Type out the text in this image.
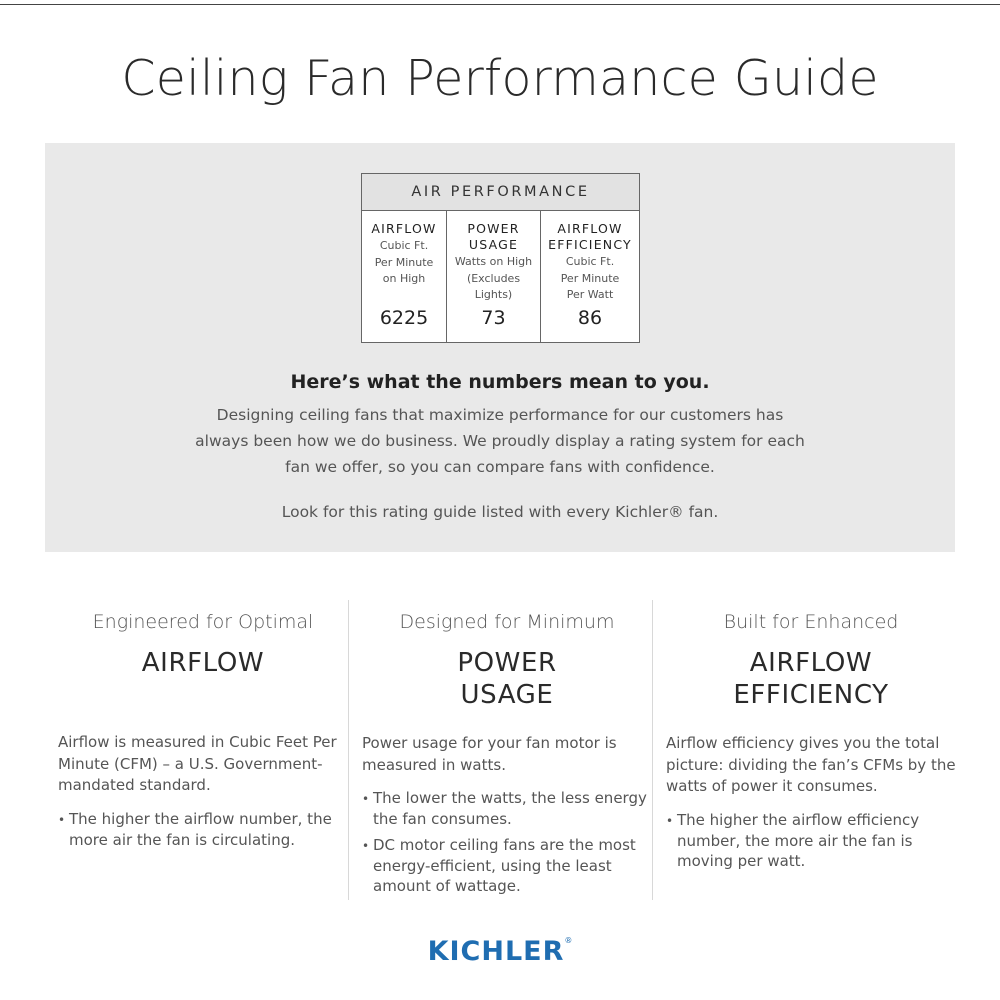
Ceiling Fan Performance Guide
AIR PERFORMANCE
AIRFLOW
Cubic Ft.
Per Minute
on High
6225
POWER
USAGE
Watts on High
(Excludes
Lights)
73
AIRFLOW
EFFICIENCY
Cubic Ft.
Per Minute
Per Watt
86
Here’s what the numbers mean to you.

Designing ceiling fans that maximize performance for our customers has always been how we do business. We proudly display a rating system for each fan we offer, so you can compare fans with confidence.

Look for this rating guide listed with every Kichler® fan.

Engineered for Optimal
AIRFLOW

Airflow is measured in Cubic Feet Per Minute (CFM) – a U.S. Government-mandated standard.

• The higher the airflow number, the more air the fan is circulating.
Designed for Minimum
POWER
USAGE

Power usage for your fan motor is measured in watts.

• The lower the watts, the less energy the fan consumes.
• DC motor ceiling fans are the most energy-efficient, using the least amount of wattage.
Built for Enhanced
AIRFLOW
EFFICIENCY

Airflow efficiency gives you the total picture: dividing the fan’s CFMs by the watts of power it consumes.

• The higher the airflow efficiency number, the more air the fan is moving per watt.
KICHLER®
